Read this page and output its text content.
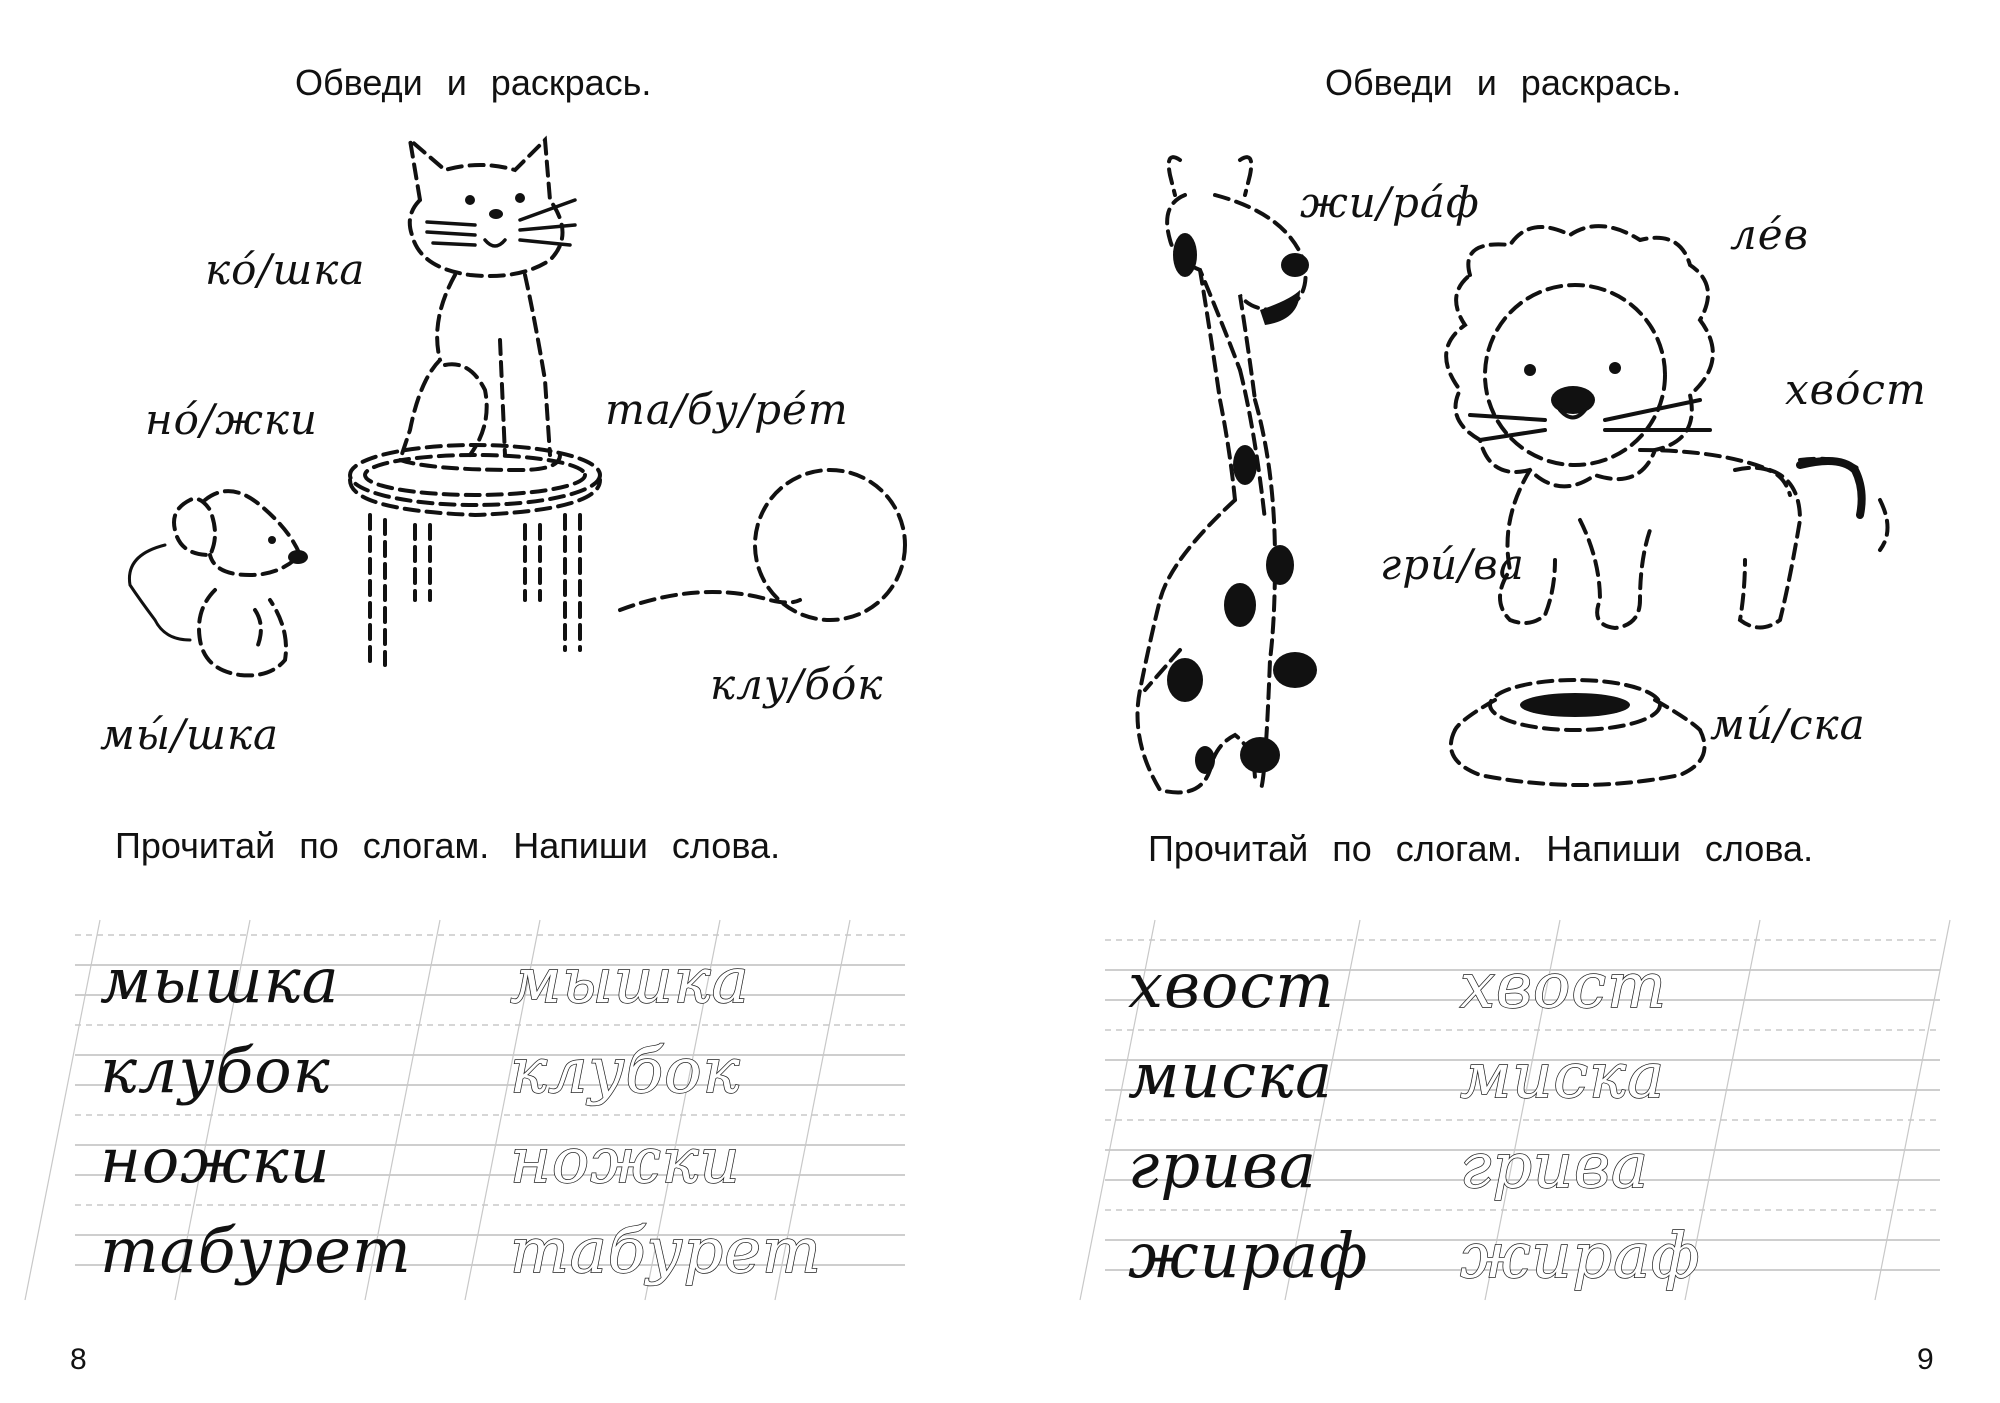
Обведи и раскрась.
кó/шка
нó/жки	та/бу/рéт
мы́/шка
клу/бóк
Прочитай по слогам. Напиши слова.
мышка
клубок
ножки
табурет
мышка
клубок
ножки
табурет
8
Обведи и раскрась.
жи/рáф
лéв
хвóст
гри́/ва
ми́/ска
Прочитай по слогам. Напиши слова.
хвост
миска
грива
жираф
хвост
миска
грива
жираф
9
